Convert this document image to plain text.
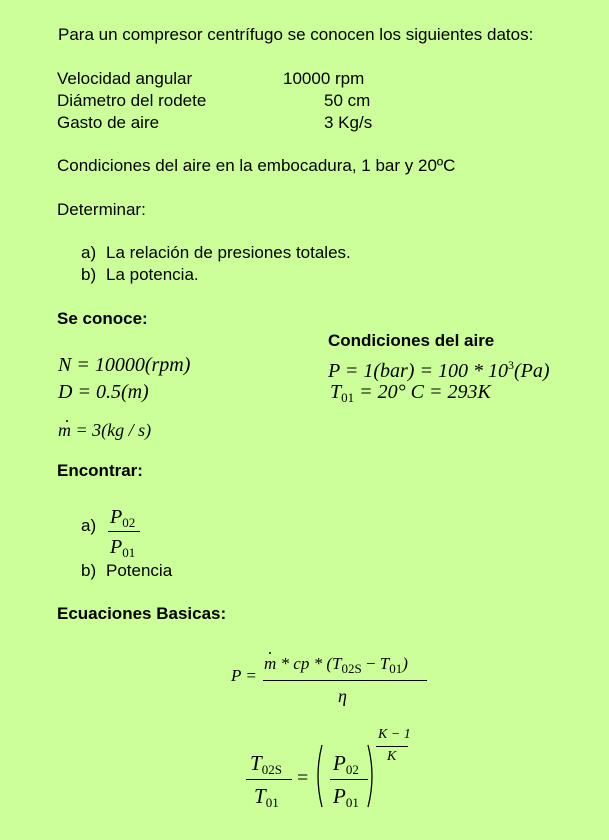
Para un compresor centrífugo se conocen los siguientes datos:
Velocidad angular	10000 rpm
Diámetro del rodete	50 cm
Gasto de aire	3 Kg/s
Condiciones del aire en la embocadura, 1 bar y 20ºC
Determinar:
a) La relación de presiones totales.
b) La potencia.
Se conoce:
Condiciones del aire
N = 10000(rpm)
D = 0.5(m)
m = 3(kg / s)
$P = 1(bar) = 100 * 10^3(Pa)$
$T_{01} = 20^\circ$ C = 293K
Encontrar:
a) $P_{02}$
$P_{01}$
b) Potencia
Ecuaciones Basicas:
P =
m * cp * $(T_{02S} - T_{01})$
η
$T_{02S}$
$T_{01}$
=
$P_{02}$
$P_{01}$
K − 1
K
